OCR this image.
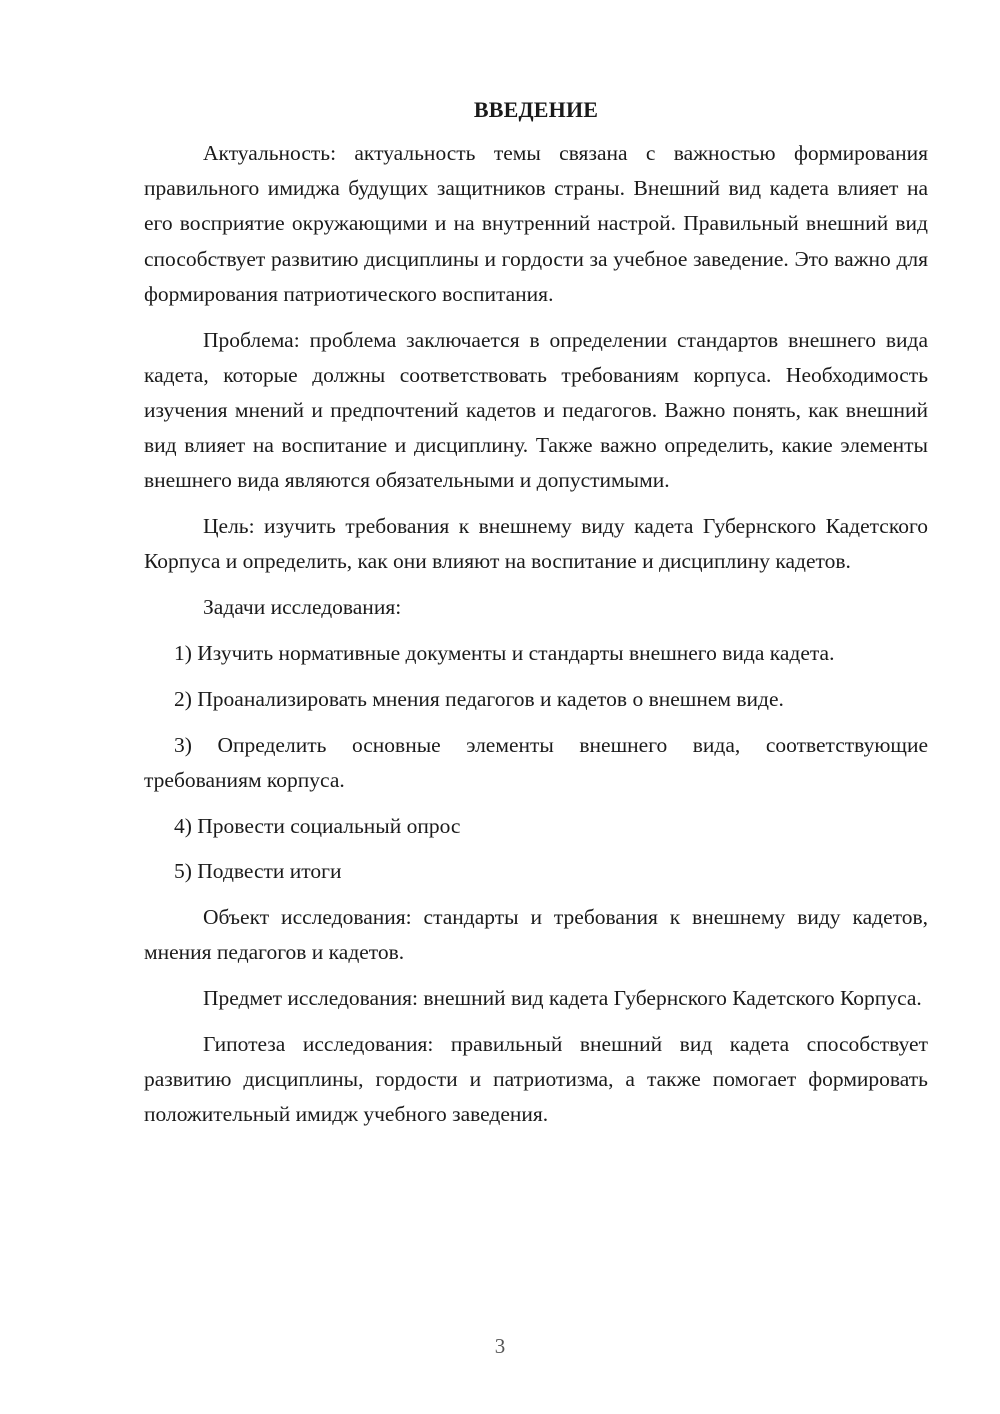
ВВЕДЕНИЕ

Актуальность: актуальность темы связана с важностью формирования правильного имиджа будущих защитников страны. Внешний вид кадета влияет на его восприятие окружающими и на внутренний настрой. Правильный внешний вид способствует развитию дисциплины и гордости за учебное заведение. Это важно для формирования патриотического воспитания.

Проблема: проблема заключается в определении стандартов внешнего вида кадета, которые должны соответствовать требованиям корпуса. Необходимость изучения мнений и предпочтений кадетов и педагогов. Важно понять, как внешний вид влияет на воспитание и дисциплину. Также важно определить, какие элементы внешнего вида являются обязательными и допустимыми.

Цель: изучить требования к внешнему виду кадета Губернского Кадетского Корпуса и определить, как они влияют на воспитание и дисциплину кадетов.

Задачи исследования:

1) Изучить нормативные документы и стандарты внешнего вида кадета.

2) Проанализировать мнения педагогов и кадетов о внешнем виде.

3) Определить основные элементы внешнего вида, соответствующие требованиям корпуса.

4) Провести социальный опрос

5) Подвести итоги

Объект исследования: стандарты и требования к внешнему виду кадетов, мнения педагогов и кадетов.

Предмет исследования: внешний вид кадета Губернского Кадетского Корпуса.

Гипотеза исследования: правильный внешний вид кадета способствует развитию дисциплины, гордости и патриотизма, а также помогает формировать положительный имидж учебного заведения.

3
